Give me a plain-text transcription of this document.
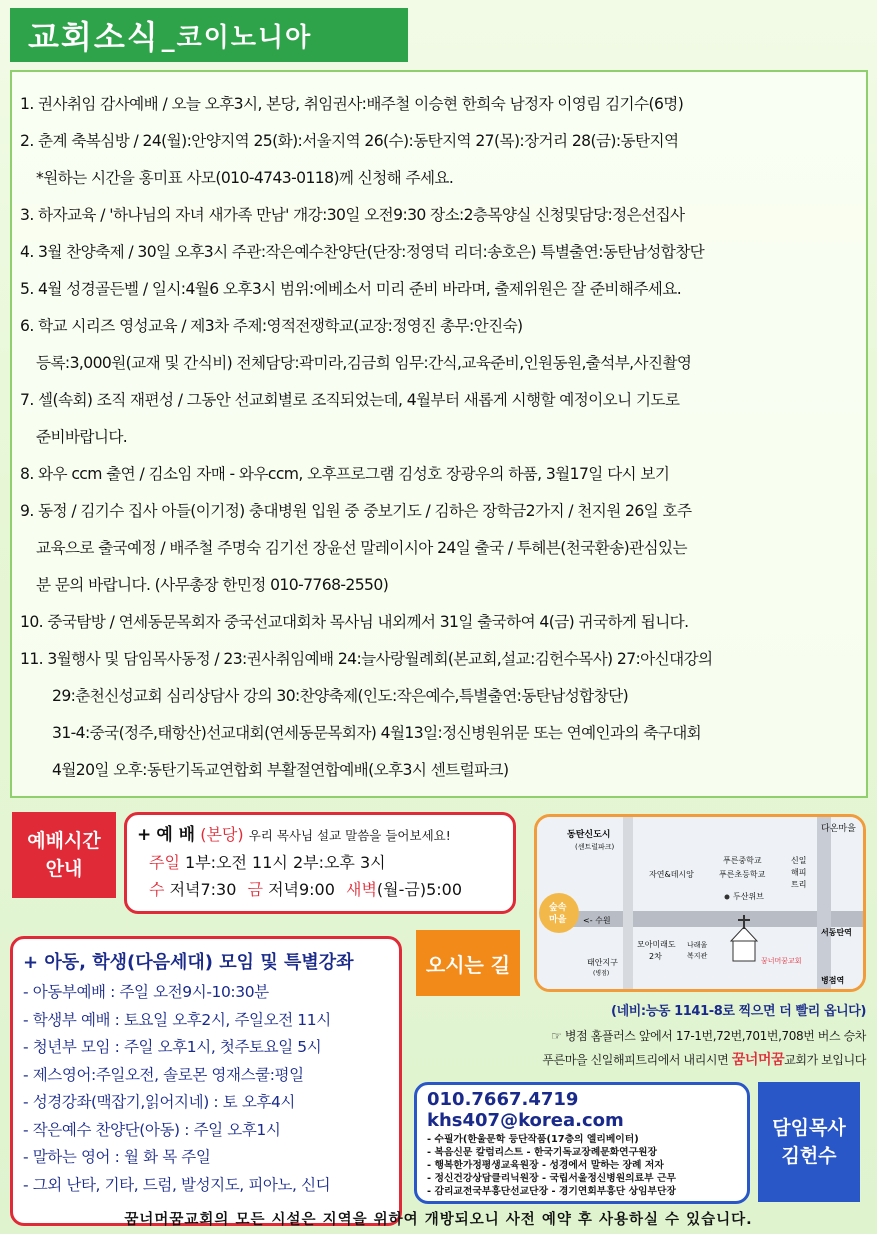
교회소식 _코이노니아
1. 권사취임 감사예배 / 오늘 오후3시, 본당, 취임권사:배주철 이승현 한희숙 남정자 이영림 김기수(6명)
2. 춘계 축복심방 / 24(월):안양지역 25(화):서울지역 26(수):동탄지역 27(목):장거리 28(금):동탄지역
*원하는 시간을 홍미표 사모(010-4743-0118)께 신청해 주세요.
3. 하자교육 / '하나님의 자녀 새가족 만남' 개강:30일 오전9:30 장소:2층목양실 신청및담당:정은선집사
4. 3월 찬양축제 / 30일 오후3시 주관:작은예수찬양단(단장:정영덕 리더:송호은) 특별출연:동탄남성합창단
5. 4월 성경골든벨 / 일시:4월6 오후3시 범위:에베소서 미리 준비 바라며, 출제위원은 잘 준비해주세요.
6. 학교 시리즈 영성교육 / 제3차 주제:영적전쟁학교(교장:정영진 총무:안진숙)
등록:3,000원(교재 및 간식비) 전체담당:곽미라,김금희 임무:간식,교육준비,인원동원,출석부,사진촬영
7. 셀(속회) 조직 재편성 / 그동안 선교회별로 조직되었는데, 4월부터 새롭게 시행할 예정이오니 기도로
준비바랍니다.
8. 와우 ccm 출연 / 김소임 자매 - 와우ccm, 오후프로그램 김성호 장광우의 하품, 3월17일 다시 보기
9. 동정 / 김기수 집사 아들(이기정) 충대병원 입원 중 중보기도 / 김하은 장학금2가지 / 천지원 26일 호주
교육으로 출국예정 / 배주철 주명숙 김기선 장윤선 말레이시아 24일 출국 / 투헤븐(천국환송)관심있는
분 문의 바랍니다. (사무총장 한민정 010-7768-2550)
10. 중국탐방 / 연세동문목회자 중국선교대회차 목사님 내외께서 31일 출국하여 4(금) 귀국하게 됩니다.
11. 3월행사 및 담임목사동정 / 23:권사취임예배 24:늘사랑월례회(본교회,설교:김헌수목사) 27:아신대강의
29:춘천신성교회 심리상담사 강의 30:찬양축제(인도:작은예수,특별출연:동탄남성합창단)
31-4:중국(정주,태항산)선교대회(연세동문목회자) 4월13일:정신병원위문 또는 연예인과의 축구대회
4월20일 오후:동탄기독교연합회 부활절연합예배(오후3시 센트럴파크)
예배시간
안내
+ 예 배 (본당) 우리 목사님 설교 말씀을 들어보세요!
주일 1부:오전 11시 2부:오후 3시
수 저녁7:30 금 저녁9:00 새벽(월-금)5:00
동탄신도시
(센트럴파크)
다온마을
자연&데시앙
푸른중학교
푸른초등학교
신일
해피
트리
두산위브
숲속
마을 <- 수원
모아미래도
2차
나래울
복지관
꿈너머꿈교회
서동탄역
태안지구
(병점)
병점역
오시는 길
+ 아동, 학생(다음세대) 모임 및 특별강좌
- 아동부예배 : 주일 오전9시-10:30분
- 학생부 예배 : 토요일 오후2시, 주일오전 11시
- 청년부 모임 : 주일 오후1시, 첫주토요일 5시
- 제스영어:주일오전, 솔로몬 영재스쿨:평일
- 성경강좌(맥잡기,읽어지네) : 토 오후4시
- 작은예수 찬양단(아동) : 주일 오후1시
- 말하는 영어 : 월 화 목 주일
- 그외 난타, 기타, 드럼, 발성지도, 피아노, 신디
(네비:능동 1141-8로 찍으면 더 빨리 옵니다)
☞ 병점 홈플러스 앞에서 17-1번,72번,701번,708번 버스 승차
푸른마을 신일해피트리에서 내리시면 꿈너머꿈교회가 보입니다
010.7667.4719 khs407@korea.com
- 수필가(한울문학 등단작품(17층의 엘리베이터)
- 복음신문 칼럼리스트 - 한국기독교장례문화연구원장
- 행복한가정평생교육원장 - 성경에서 말하는 장례 저자
- 정신건강상담클리닉원장 - 국립서울정신병원의료부 근무
- 감리교전국부흥단선교단장 - 경기연회부흥단 상임부단장
담임목사
김헌수
꿈너머꿈교회의 모든 시설은 지역을 위하여 개방되오니 사전 예약 후 사용하실 수 있습니다.
